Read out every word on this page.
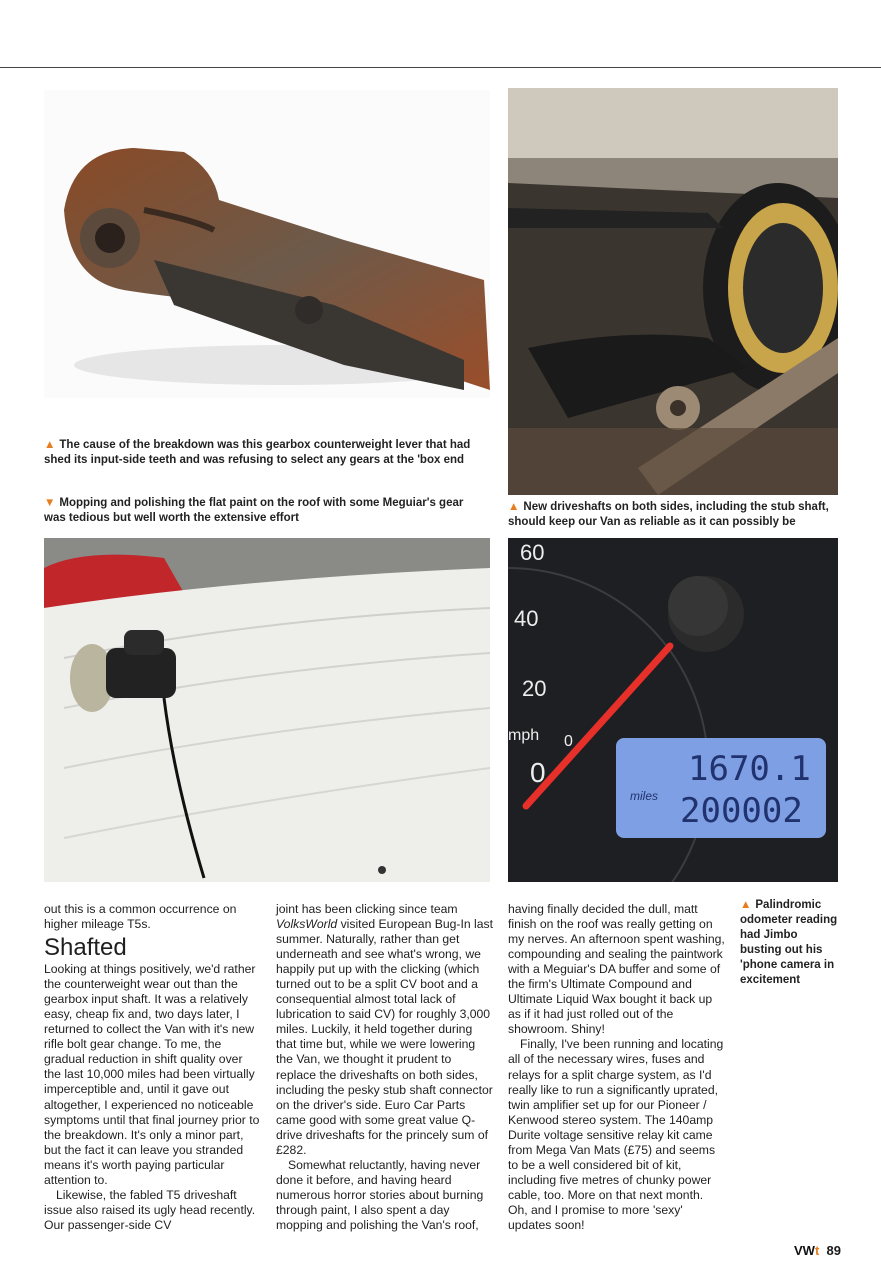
▲ The cause of the breakdown was this gearbox counterweight lever that had shed its input-side teeth and was refusing to select any gears at the 'box end
▼ Mopping and polishing the flat paint on the roof with some Meguiar's gear was tedious but well worth the extensive effort
▲ New driveshafts on both sides, including the stub shaft, should keep our Van as reliable as it can possibly be
60
40
20
mph 0
0
miles
1670.1
200002

out this is a common occurrence on higher mileage T5s.

Shafted

Looking at things positively, we'd rather the counterweight wear out than the gearbox input shaft. It was a relatively easy, cheap fix and, two days later, I returned to collect the Van with it's new rifle bolt gear change. To me, the gradual reduction in shift quality over the last 10,000 miles had been virtually imperceptible and, until it gave out altogether, I experienced no noticeable symptoms until that final journey prior to the breakdown. It's only a minor part, but the fact it can leave you stranded means it's worth paying particular attention to.

Likewise, the fabled T5 driveshaft issue also raised its ugly head recently. Our passenger-side CV

joint has been clicking since team VolksWorld visited European Bug-In last summer. Naturally, rather than get underneath and see what's wrong, we happily put up with the clicking (which turned out to be a split CV boot and a consequential almost total lack of lubrication to said CV) for roughly 3,000 miles. Luckily, it held together during that time but, while we were lowering the Van, we thought it prudent to replace the driveshafts on both sides, including the pesky stub shaft connector on the driver's side. Euro Car Parts came good with some great value Q-drive driveshafts for the princely sum of £282.

Somewhat reluctantly, having never done it before, and having heard numerous horror stories about burning through paint, I also spent a day mopping and polishing the Van's roof,

having finally decided the dull, matt finish on the roof was really getting on my nerves. An afternoon spent washing, compounding and sealing the paintwork with a Meguiar's DA buffer and some of the firm's Ultimate Compound and Ultimate Liquid Wax bought it back up as if it had just rolled out of the showroom. Shiny!

Finally, I've been running and locating all of the necessary wires, fuses and relays for a split charge system, as I'd really like to run a significantly uprated, twin amplifier set up for our Pioneer / Kenwood stereo system. The 140amp Durite voltage sensitive relay kit came from Mega Van Mats (£75) and seems to be a well considered bit of kit, including five metres of chunky power cable, too. More on that next month. Oh, and I promise to more 'sexy' updates soon!

▲ Palindromic odometer reading had Jimbo busting out his 'phone camera in excitement
VWt 89
